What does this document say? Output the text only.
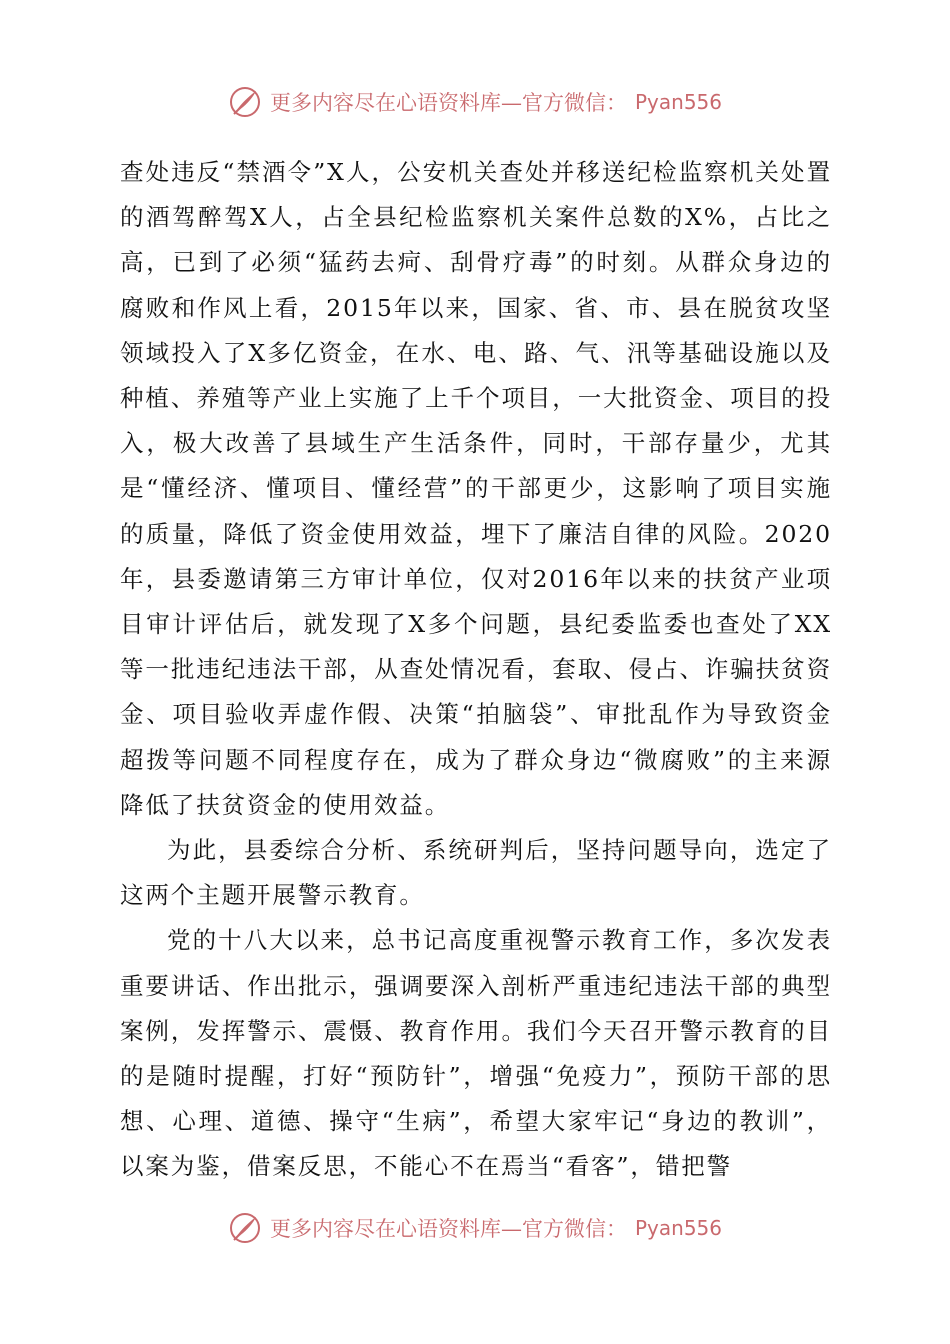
更多内容尽在心语资料库—官方微信： Pyan556

查处违反“禁酒令”X人，公安机关查处并移送纪检监察机关处置的酒驾醉驾X人，占全县纪检监察机关案件总数的X%，占比之高，已到了必须“猛药去疴、刮骨疗毒”的时刻。从群众身边的腐败和作风上看，2015年以来，国家、省、市、县在脱贫攻坚领域投入了X多亿资金，在水、电、路、气、汛等基础设施以及种植、养殖等产业上实施了上千个项目，一大批资金、项目的投入，极大改善了县域生产生活条件，同时，干部存量少，尤其是“懂经济、懂项目、懂经营”的干部更少，这影响了项目实施的质量，降低了资金使用效益，埋下了廉洁自律的风险。2020年，县委邀请第三方审计单位，仅对2016年以来的扶贫产业项目审计评估后，就发现了X多个问题，县纪委监委也查处了XX等一批违纪违法干部，从查处情况看，套取、侵占、诈骗扶贫资金、项目验收弄虚作假、决策“拍脑袋”、审批乱作为导致资金超拨等问题不同程度存在，成为了群众身边“微腐败”的主来源降低了扶贫资金的使用效益。

为此，县委综合分析、系统研判后，坚持问题导向，选定了这两个主题开展警示教育。

党的十八大以来，总书记高度重视警示教育工作，多次发表重要讲话、作出批示，强调要深入剖析严重违纪违法干部的典型案例，发挥警示、震慑、教育作用。我们今天召开警示教育的目的是随时提醒，打好“预防针”，增强“免疫力”，预防干部的思想、心理、道德、操守“生病”，希望大家牢记“身边的教训”，以案为鉴，借案反思，不能心不在焉当“看客”，错把警

更多内容尽在心语资料库—官方微信： Pyan556
